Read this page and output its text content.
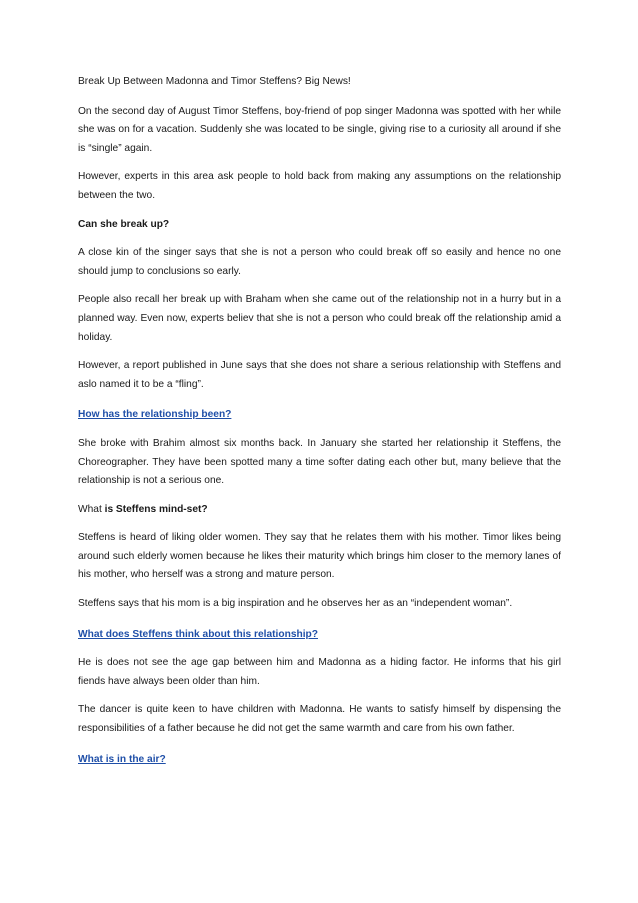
Break Up Between Madonna and Timor Steffens? Big News!

On the second day of August Timor Steffens, boy-friend of pop singer Madonna was spotted with her while she was on for a vacation. Suddenly she was located to be single, giving rise to a curiosity all around if she is “single” again.

However, experts in this area ask people to hold back from making any assumptions on the relationship between the two.

Can she break up?

A close kin of the singer says that she is not a person who could break off so easily and hence no one should jump to conclusions so early.

People also recall her break up with Braham when she came out of the relationship not in a hurry but in a planned way. Even now, experts believ that she is not a person who could break off the relationship amid a holiday.

However, a report published in June says that she does not share a serious relationship with Steffens and aslo named it to be a “fling”.

How has the relationship been?

She broke with Brahim almost six months back. In January she started her relationship it Steffens, the Choreographer. They have been spotted many a time softer dating each other but, many believe that the relationship is not a serious one.

What is Steffens mind-set?

Steffens is heard of liking older women. They say that he relates them with his mother. Timor likes being around such elderly women because he likes their maturity which brings him closer to the memory lanes of his mother, who herself was a strong and mature person.

Steffens says that his mom is a big inspiration and he observes her as an “independent woman”.

What does Steffens think about this relationship?

He is does not see the age gap between him and Madonna as a hiding factor. He informs that his girl fiends have always been older than him.

The dancer is quite keen to have children with Madonna. He wants to satisfy himself by dispensing the responsibilities of a father because he did not get the same warmth and care from his own father.

What is in the air?
